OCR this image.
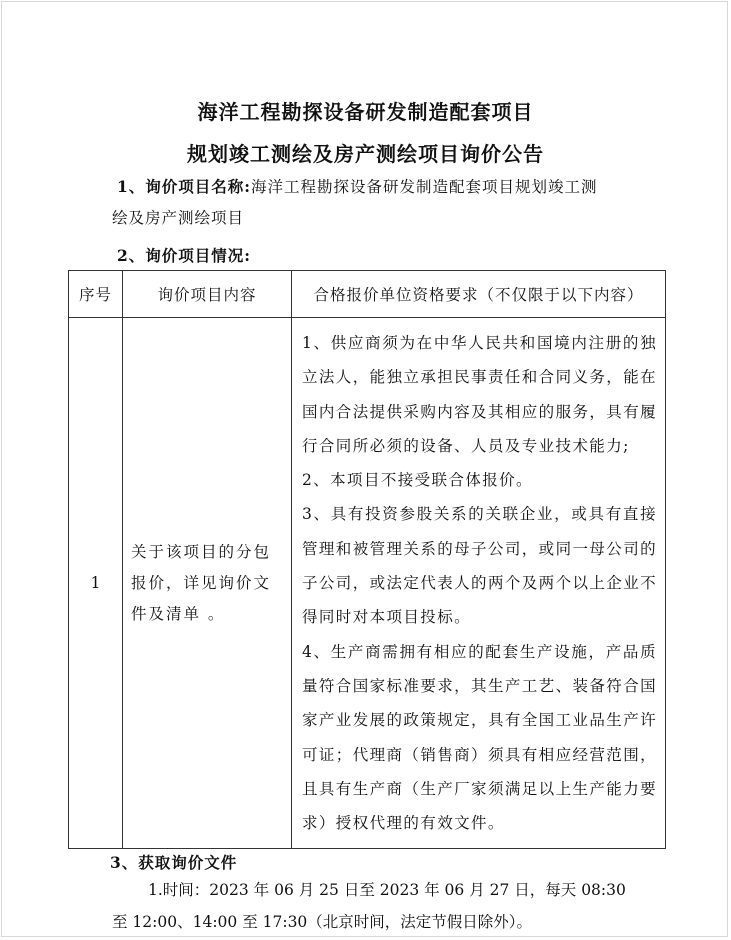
海洋工程勘探设备研发制造配套项目
规划竣工测绘及房产测绘项目询价公告
1、询价项目名称:海洋工程勘探设备研发制造配套项目规划竣工测
绘及房产测绘项目
2、询价项目情况:
序号	询价项目内容	合格报价单位资格要求（不仅限于以下内容）
1	关于该项目的分包报价，详见询价文件及清单 。	1、供应商须为在中华人民共和国境内注册的独立法人，能独立承担民事责任和合同义务，能在国内合法提供采购内容及其相应的服务，具有履行合同所必须的设备、人员及专业技术能力;
2、本项目不接受联合体报价。
3、具有投资参股关系的关联企业，或具有直接管理和被管理关系的母子公司，或同一母公司的子公司，或法定代表人的两个及两个以上企业不得同时对本项目投标。
4、生产商需拥有相应的配套生产设施，产品质量符合国家标准要求，其生产工艺、装备符合国家产业发展的政策规定，具有全国工业品生产许可证；代理商（销售商）须具有相应经营范围，且具有生产商（生产厂家须满足以上生产能力要求）授权代理的有效文件。
3、获取询价文件
1.时间：2023 年 06 月 25 日至 2023 年 06 月 27 日，每天 08:30
至 12:00、14:00 至 17:30（北京时间，法定节假日除外）。
